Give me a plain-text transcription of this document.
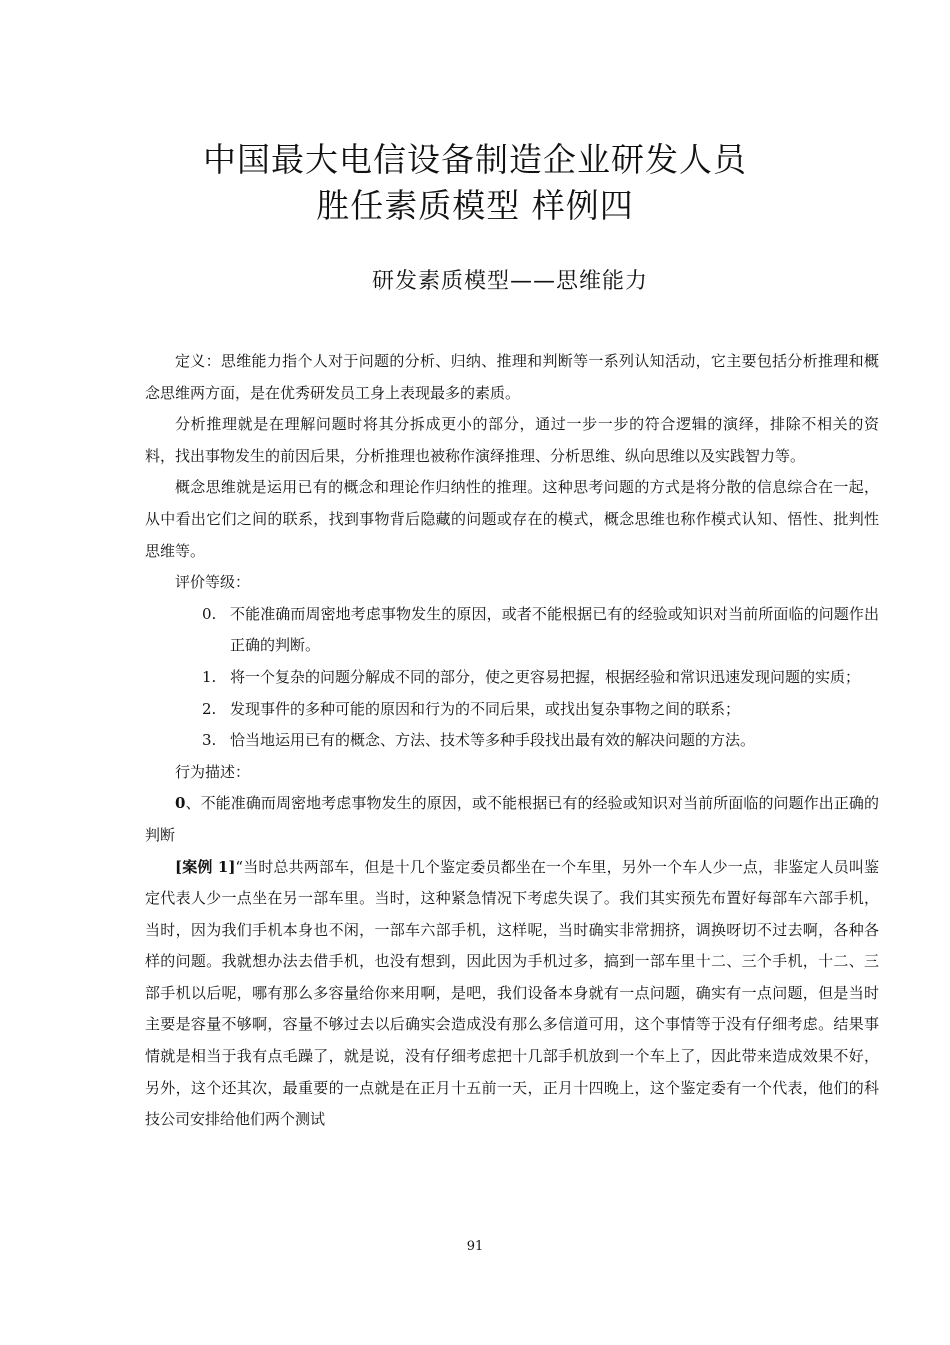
中国最大电信设备制造企业研发人员
胜任素质模型 样例四
研发素质模型——思维能力

定义：思维能力指个人对于问题的分析、归纳、推理和判断等一系列认知活动，它主要包括分析推理和概念思维两方面，是在优秀研发员工身上表现最多的素质。

分析推理就是在理解问题时将其分拆成更小的部分，通过一步一步的符合逻辑的演绎，排除不相关的资料，找出事物发生的前因后果，分析推理也被称作演绎推理、分析思维、纵向思维以及实践智力等。

概念思维就是运用已有的概念和理论作归纳性的推理。这种思考问题的方式是将分散的信息综合在一起，从中看出它们之间的联系，找到事物背后隐藏的问题或存在的模式，概念思维也称作模式认知、悟性、批判性思维等。

评价等级：

0. 不能准确而周密地考虑事物发生的原因，或者不能根据已有的经验或知识对当前所面临的问题作出正确的判断。
1. 将一个复杂的问题分解成不同的部分，使之更容易把握，根据经验和常识迅速发现问题的实质；
2. 发现事件的多种可能的原因和行为的不同后果，或找出复杂事物之间的联系；
3. 恰当地运用已有的概念、方法、技术等多种手段找出最有效的解决问题的方法。

行为描述：

0、不能准确而周密地考虑事物发生的原因，或不能根据已有的经验或知识对当前所面临的问题作出正确的判断

[案例 1]“当时总共两部车，但是十几个鉴定委员都坐在一个车里，另外一个车人少一点，非鉴定人员叫鉴定代表人少一点坐在另一部车里。当时，这种紧急情况下考虑失误了。我们其实预先布置好每部车六部手机，当时，因为我们手机本身也不闲，一部车六部手机，这样呢，当时确实非常拥挤，调换呀切不过去啊，各种各样的问题。我就想办法去借手机，也没有想到，因此因为手机过多，搞到一部车里十二、三个手机，十二、三部手机以后呢，哪有那么多容量给你来用啊，是吧，我们设备本身就有一点问题，确实有一点问题，但是当时主要是容量不够啊，容量不够过去以后确实会造成没有那么多信道可用，这个事情等于没有仔细考虑。结果事情就是相当于我有点毛躁了，就是说，没有仔细考虑把十几部手机放到一个车上了，因此带来造成效果不好，另外，这个还其次，最重要的一点就是在正月十五前一天，正月十四晚上，这个鉴定委有一个代表，他们的科技公司安排给他们两个测试

91
